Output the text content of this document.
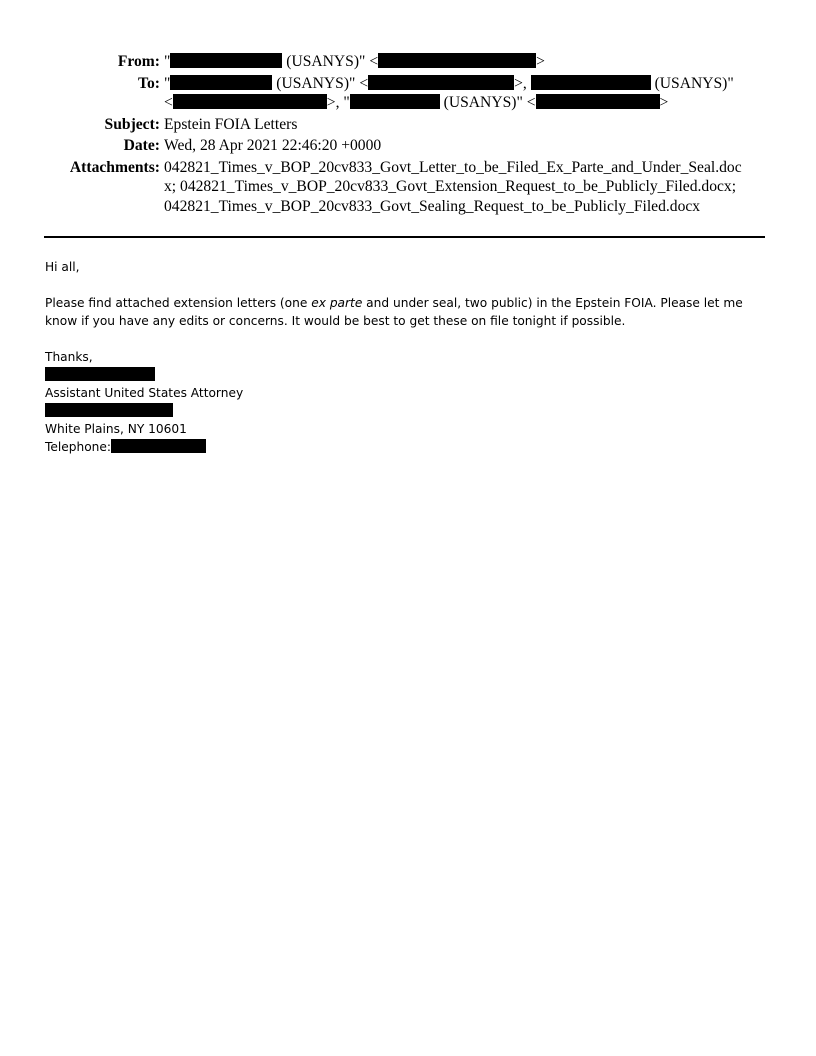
From: "	(USANYS)" <	>
To: "	(USANYS)" <	>,	(USANYS)"
<	>, "	(USANYS)" <	>
Subject: Epstein FOIA Letters
Date: Wed, 28 Apr 2021 22:46:20 +0000
Attachments: 042821_Times_v_BOP_20cv833_Govt_Letter_to_be_Filed_Ex_Parte_and_Under_Seal.doc
x; 042821_Times_v_BOP_20cv833_Govt_Extension_Request_to_be_Publicly_Filed.docx;
042821_Times_v_BOP_20cv833_Govt_Sealing_Request_to_be_Publicly_Filed.docx

Hi all,

Please find attached extension letters (one ex parte and under seal, two public) in the Epstein FOIA. Please let me know if you have any edits or concerns. It would be best to get these on file tonight if possible.

Thanks,

Assistant United States Attorney

White Plains, NY 10601

Telephone:
